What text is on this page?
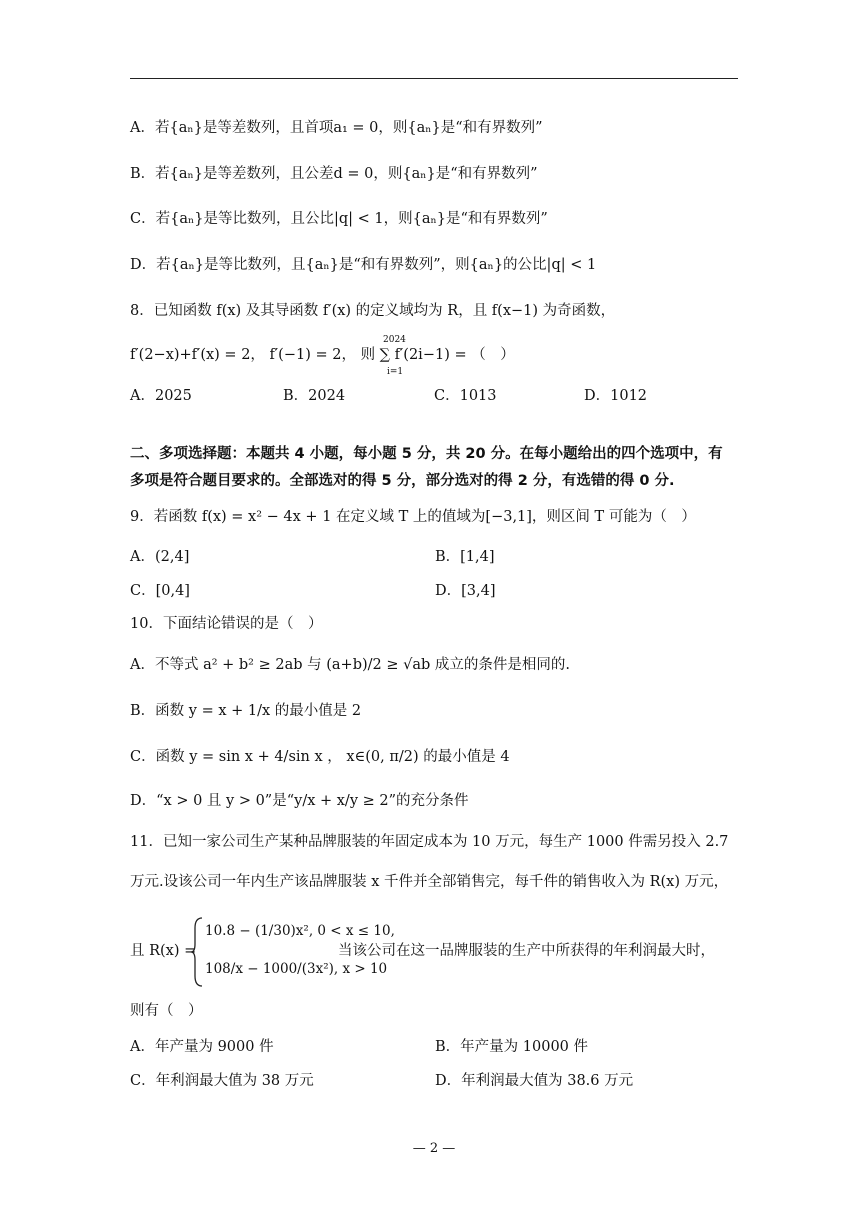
A．若{aₙ}是等差数列，且首项a₁ = 0，则{aₙ}是“和有界数列”
B．若{aₙ}是等差数列，且公差d = 0，则{aₙ}是“和有界数列”
C．若{aₙ}是等比数列，且公比|q| < 1，则{aₙ}是“和有界数列”
D．若{aₙ}是等比数列，且{aₙ}是“和有界数列”，则{aₙ}的公比|q| < 1
8．已知函数 f(x) 及其导函数 f′(x) 的定义域均为 R，且 f(x−1) 为奇函数，
f′(2−x)+f′(x) = 2， f′(−1) = 2， 则 ∑ f′(2i−1) = （　）
2024
i=1
A．2025	B．2024	C．1013	D．1012
二、多项选择题：本题共 4 小题，每小题 5 分，共 20 分。在每小题给出的四个选项中，有
多项是符合题目要求的。全部选对的得 5 分，部分选对的得 2 分，有选错的得 0 分.
9．若函数 f(x) = x² − 4x + 1 在定义域 T 上的值域为[−3,1]，则区间 T 可能为（　）
A．(2,4]	B．[1,4]
C．[0,4]	D．[3,4]
10．下面结论错误的是（　）
A．不等式 a² + b² ≥ 2ab 与 (a+b)/2 ≥ √ab 成立的条件是相同的.
B．函数 y = x + 1/x 的最小值是 2
C．函数 y = sin x + 4/sin x ， x∈(0, π/2) 的最小值是 4
D．“x > 0 且 y > 0”是“y/x + x/y ≥ 2”的充分条件
11．已知一家公司生产某种品牌服装的年固定成本为 10 万元，每生产 1000 件需另投入 2.7
万元.设该公司一年内生产该品牌服装 x 千件并全部销售完，每千件的销售收入为 R(x) 万元，
且 R(x) =
10.8 − (1/30)x², 0 < x ≤ 10,
108/x − 1000/(3x²), x > 10
当该公司在这一品牌服装的生产中所获得的年利润最大时，
则有（　）
A．年产量为 9000 件	B．年产量为 10000 件
C．年利润最大值为 38 万元	D．年利润最大值为 38.6 万元
— 2 —
